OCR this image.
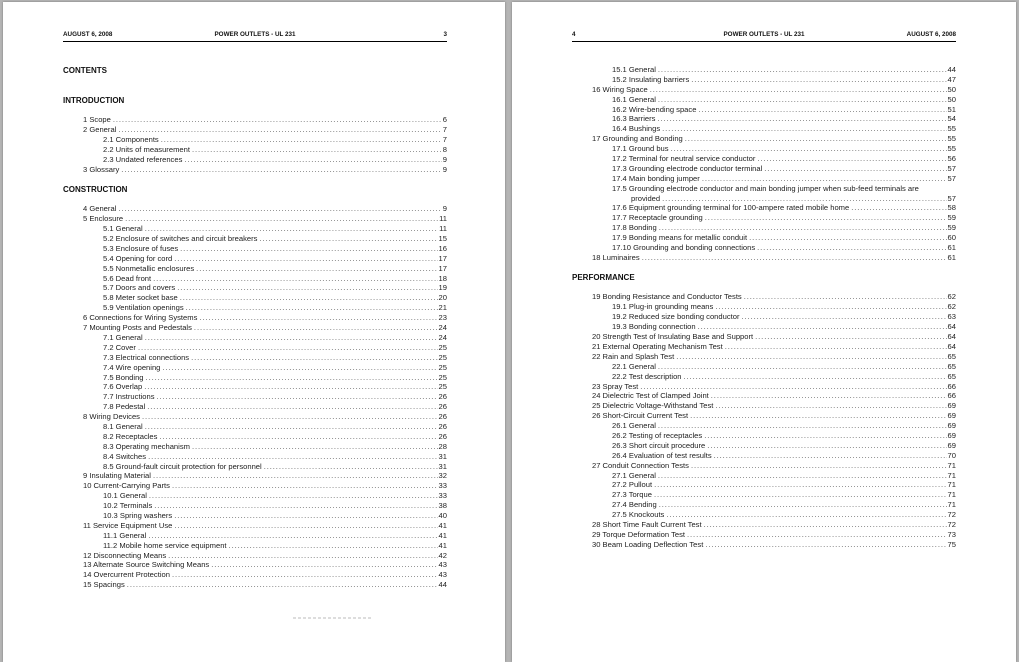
AUGUST 6, 2008	POWER OUTLETS - UL 231	3
CONTENTS
INTRODUCTION
1 Scope . . .	6
2 General . . .	7
2.1 Components . . .	7
2.2 Units of measurement . . .	8
2.3 Undated references . . .	9
3 Glossary . . .	9
CONSTRUCTION
4 General . . .	9
5 Enclosure . . .	11
5.1 General . . .	11
5.2 Enclosure of switches and circuit breakers . . .	15
5.3 Enclosure of fuses . . .	16
5.4 Opening for cord . . .	17
5.5 Nonmetallic enclosures . . .	17
5.6 Dead front . . .	18
5.7 Doors and covers . . .	19
5.8 Meter socket base . . .	20
5.9 Ventilation openings . . .	21
6 Connections for Wiring Systems . . .	23
7 Mounting Posts and Pedestals . . .	24
7.1 General . . .	24
7.2 Cover . . .	25
7.3 Electrical connections . . .	25
7.4 Wire opening . . .	25
7.5 Bonding . . .	25
7.6 Overlap . . .	25
7.7 Instructions . . .	26
7.8 Pedestal . . .	26
8 Wiring Devices . . .	26
8.1 General . . .	26
8.2 Receptacles . . .	26
8.3 Operating mechanism . . .	28
8.4 Switches . . .	31
8.5 Ground-fault circuit protection for personnel . . .	31
9 Insulating Material . . .	32
10 Current-Carrying Parts . . .	33
10.1 General . . .	33
10.2 Terminals . . .	38
10.3 Spring washers . . .	40
11 Service Equipment Use . . .	41
11.1 General . . .	41
11.2 Mobile home service equipment . . .	41
12 Disconnecting Means . . .	42
13 Alternate Source Switching Means . . .	43
14 Overcurrent Protection . . .	43
15 Spacings . . .	44
4	POWER OUTLETS - UL 231	AUGUST 6, 2008
15.1 General . . .	44
15.2 Insulating barriers . . .	47
16 Wiring Space . . .	50
16.1 General . . .	50
16.2 Wire-bending space . . .	51
16.3 Barriers . . .	54
16.4 Bushings . . .	55
17 Grounding and Bonding . . .	55
17.1 Ground bus . . .	55
17.2 Terminal for neutral service conductor . . .	56
17.3 Grounding electrode conductor terminal . . .	57
17.4 Main bonding jumper . . .	57
17.5 Grounding electrode conductor and main bonding jumper when sub-feed terminals are
provided . . .	57
17.6 Equipment grounding terminal for 100-ampere rated mobile home . . .	58
17.7 Receptacle grounding . . .	59
17.8 Bonding . . .	59
17.9 Bonding means for metallic conduit . . .	60
17.10 Grounding and bonding connections . . .	61
18 Luminaires . . .	61
PERFORMANCE
19 Bonding Resistance and Conductor Tests . . .	62
19.1 Plug-in grounding means . . .	62
19.2 Reduced size bonding conductor . . .	63
19.3 Bonding connection . . .	64
20 Strength Test of Insulating Base and Support . . .	64
21 External Operating Mechanism Test . . .	64
22 Rain and Splash Test . . .	65
22.1 General . . .	65
22.2 Test description . . .	65
23 Spray Test . . .	66
24 Dielectric Test of Clamped Joint . . .	66
25 Dielectric Voltage-Withstand Test . . .	69
26 Short-Circuit Current Test . . .	69
26.1 General . . .	69
26.2 Testing of receptacles . . .	69
26.3 Short circuit procedure . . .	69
26.4 Evaluation of test results . . .	70
27 Conduit Connection Tests . . .	71
27.1 General . . .	71
27.2 Pullout . . .	71
27.3 Torque . . .	71
27.4 Bending . . .	71
27.5 Knockouts . . .	72
28 Short Time Fault Current Test . . .	72
29 Torque Deformation Test . . .	73
30 Beam Loading Deflection Test . . .	75
